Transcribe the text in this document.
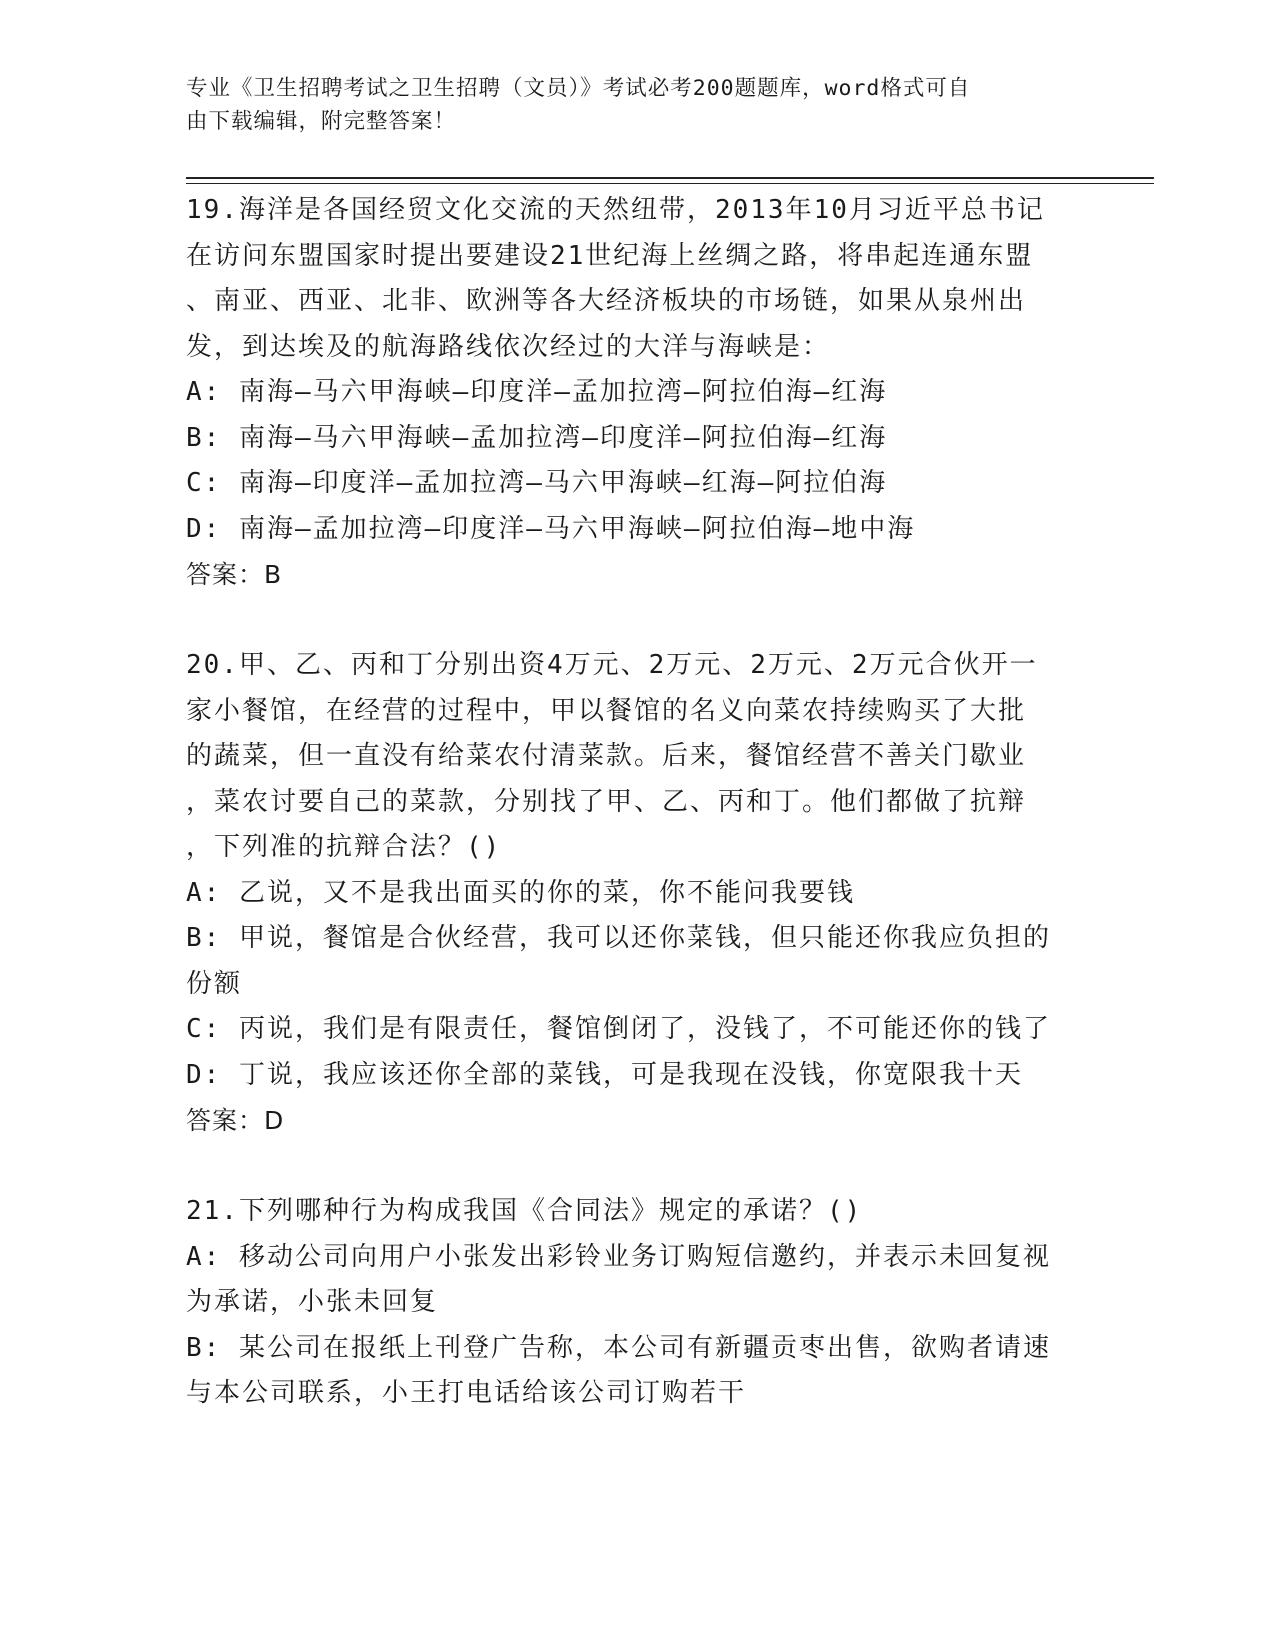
专业《卫生招聘考试之卫生招聘（文员）》考试必考200题题库，word格式可自
由下载编辑，附完整答案！
19.海洋是各国经贸文化交流的天然纽带，2013年10月习近平总书记
在访问东盟国家时提出要建设21世纪海上丝绸之路，将串起连通东盟
、南亚、西亚、北非、欧洲等各大经济板块的市场链，如果从泉州出
发，到达埃及的航海路线依次经过的大洋与海峡是：
A: 南海—马六甲海峡—印度洋—孟加拉湾—阿拉伯海—红海
B: 南海—马六甲海峡—孟加拉湾—印度洋—阿拉伯海—红海
C: 南海—印度洋—孟加拉湾—马六甲海峡—红海—阿拉伯海
D: 南海—孟加拉湾—印度洋—马六甲海峡—阿拉伯海—地中海
答案：B
20.甲、乙、丙和丁分别出资4万元、2万元、2万元、2万元合伙开一
家小餐馆，在经营的过程中，甲以餐馆的名义向菜农持续购买了大批
的蔬菜，但一直没有给菜农付清菜款。后来，餐馆经营不善关门歇业
，菜农讨要自己的菜款，分别找了甲、乙、丙和丁。他们都做了抗辩
，下列准的抗辩合法？()
A: 乙说，又不是我出面买的你的菜，你不能问我要钱
B: 甲说，餐馆是合伙经营，我可以还你菜钱，但只能还你我应负担的
份额
C: 丙说，我们是有限责任，餐馆倒闭了，没钱了，不可能还你的钱了
D: 丁说，我应该还你全部的菜钱，可是我现在没钱，你宽限我十天
答案：D
21.下列哪种行为构成我国《合同法》规定的承诺？()
A: 移动公司向用户小张发出彩铃业务订购短信邀约，并表示未回复视
为承诺，小张未回复
B: 某公司在报纸上刊登广告称，本公司有新疆贡枣出售，欲购者请速
与本公司联系，小王打电话给该公司订购若干
